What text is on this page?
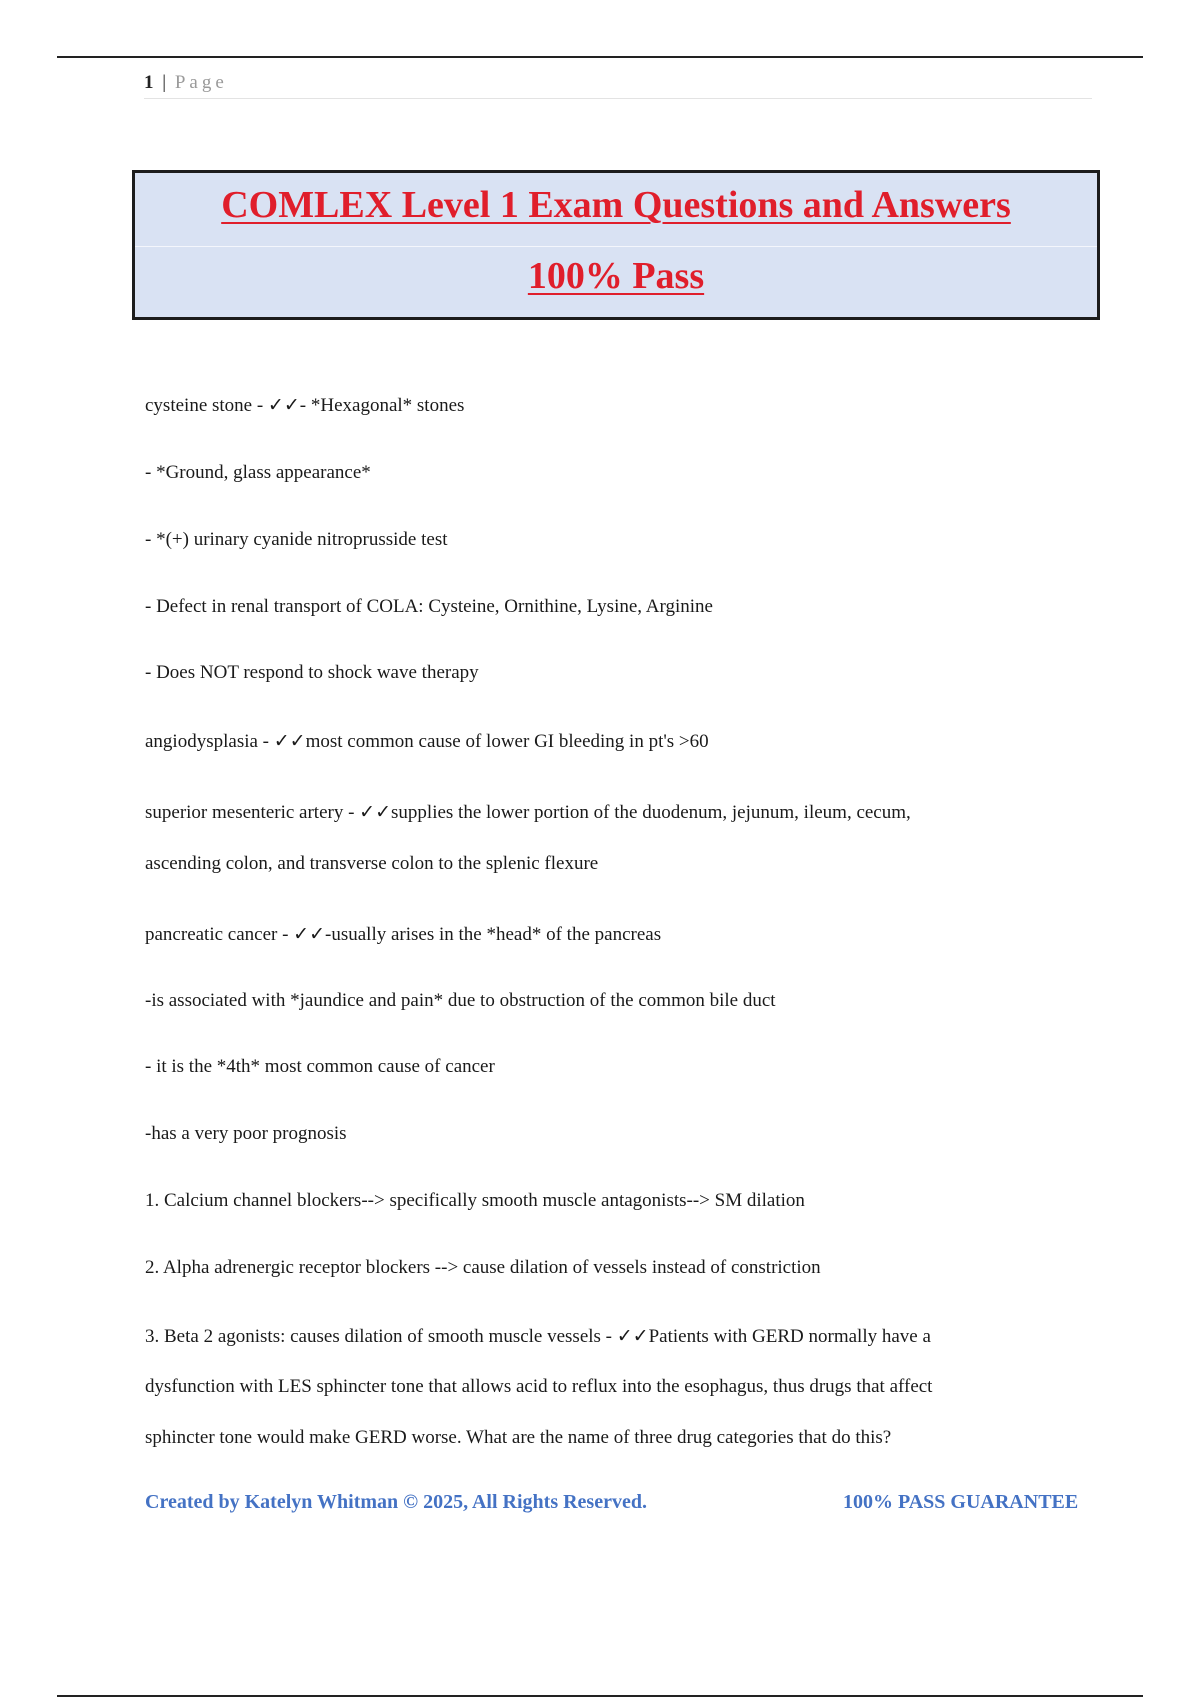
1 | Page
COMLEX Level 1 Exam Questions and Answers
100% Pass
cysteine stone - ✓✓- *Hexagonal* stones
- *Ground, glass appearance*
- *(+) urinary cyanide nitroprusside test
- Defect in renal transport of COLA: Cysteine, Ornithine, Lysine, Arginine
- Does NOT respond to shock wave therapy
angiodysplasia - ✓✓most common cause of lower GI bleeding in pt's >60
superior mesenteric artery - ✓✓supplies the lower portion of the duodenum, jejunum, ileum, cecum,
ascending colon, and transverse colon to the splenic flexure
pancreatic cancer - ✓✓-usually arises in the *head* of the pancreas
-is associated with *jaundice and pain* due to obstruction of the common bile duct
- it is the *4th* most common cause of cancer
-has a very poor prognosis
1. Calcium channel blockers--> specifically smooth muscle antagonists--> SM dilation
2. Alpha adrenergic receptor blockers --> cause dilation of vessels instead of constriction
3. Beta 2 agonists: causes dilation of smooth muscle vessels - ✓✓Patients with GERD normally have a
dysfunction with LES sphincter tone that allows acid to reflux into the esophagus, thus drugs that affect
sphincter tone would make GERD worse. What are the name of three drug categories that do this?
Created by Katelyn Whitman © 2025, All Rights Reserved.	100% PASS GUARANTEE
